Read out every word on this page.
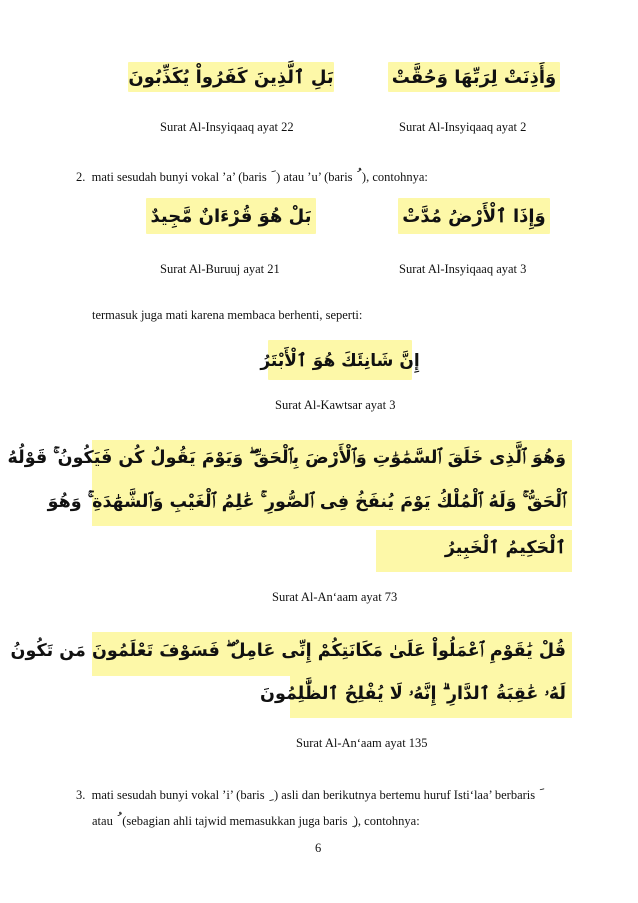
بَلِ ٱلَّذِينَ كَفَرُواْ يُكَذِّبُونَ	وَأَذِنَتْ لِرَبِّهَا وَحُقَّتْ
Surat Al-Insyiqaaq ayat 22	Surat Al-Insyiqaaq ayat 2
2. mati sesudah bunyi vokal ’a’ (baris ) atau ’u’ (baris ), contohnya:
بَلْ هُوَ قُرْءَانٌ مَّجِيدٌ	وَإِذَا ٱلْأَرْضُ مُدَّتْ
Surat Al-Buruuj ayat 21	Surat Al-Insyiqaaq ayat 3
termasuk juga mati karena membaca berhenti, seperti:
إِنَّ شَانِئَكَ هُوَ ٱلْأَبْتَرُ
Surat Al-Kawtsar ayat 3
وَهُوَ ٱلَّذِى خَلَقَ ٱلسَّمَٰوَٰتِ وَٱلْأَرْضَ بِٱلْحَقِّ ۖ وَيَوْمَ يَقُولُ كُن فَيَكُونُ ۚ قَوْلُهُ
ٱلْحَقُّ ۚ وَلَهُ ٱلْمُلْكُ يَوْمَ يُنفَخُ فِى ٱلصُّورِ ۚ عَٰلِمُ ٱلْغَيْبِ وَٱلشَّهَٰدَةِ ۚ وَهُوَ
ٱلْحَكِيمُ ٱلْخَبِيرُ
Surat Al-An‘aam ayat 73
قُلْ يَٰقَوْمِ ٱعْمَلُواْ عَلَىٰ مَكَانَتِكُمْ إِنِّى عَامِلٌ ۖ فَسَوْفَ تَعْلَمُونَ مَن تَكُونُ
لَهُۥ عَٰقِبَةُ ٱلدَّارِ ۗ إِنَّهُۥ لَا يُفْلِحُ ٱلظَّٰلِمُونَ
Surat Al-An‘aam ayat 135
3. mati sesudah bunyi vokal ’i’ (baris ) asli dan berikutnya bertemu huruf Isti‘laa’ berbaris
atau (sebagian ahli tajwid memasukkan juga baris ), contohnya:
6
